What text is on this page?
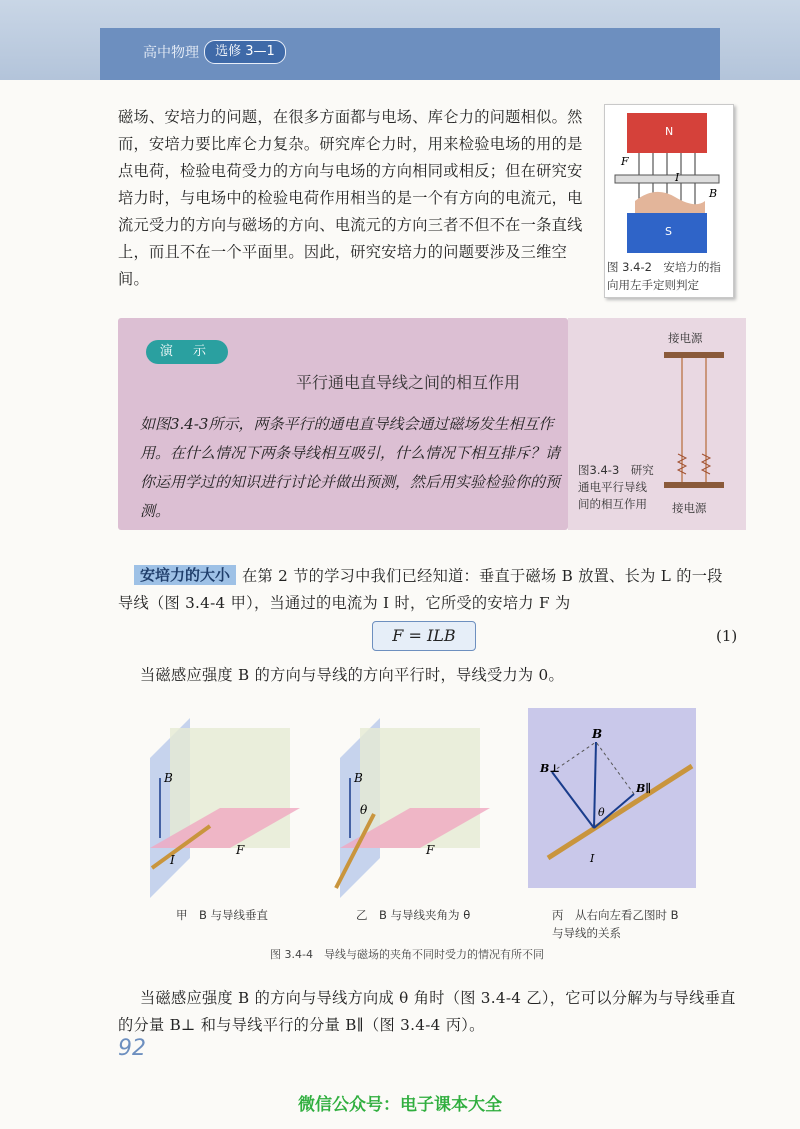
高中物理	选修 3—1
磁场、安培力的问题，在很多方面都与电场、库仑力的问题相似。然而，安培力要比库仑力复杂。研究库仑力时，用来检验电场的用的是点电荷，检验电荷受力的方向与电场的方向相同或相反；但在研究安培力时，与电场中的检验电荷作用相当的是一个有方向的电流元，电流元受力的方向与磁场的方向、电流元的方向三者不但不在一条直线上，而且不在一个平面里。因此，研究安培力的问题要涉及三维空间。
N
S
F
I
B
图 3.4-2　安培力的指向用左手定则判定
演 示
平行通电直导线之间的相互作用
如图3.4-3所示，两条平行的通电直导线会通过磁场发生相互作用。在什么情况下两条导线相互吸引，什么情况下相互排斥？请你运用学过的知识进行讨论并做出预测，然后用实验检验你的预测。
接电源
接电源
图3.4-3　研究通电平行导线间的相互作用
在第 2 节的学习中我们已经知道：垂直于磁场 B 放置、长为 L 的一段导线（图 3.4-4 甲），当通过的电流为 I 时，它所受的安培力 F 为
安培力的大小
F = ILB	(1)
当磁感应强度 B 的方向与导线的方向平行时，导线受力为 0。
B
I
F
甲　B 与导线垂直
B
θ
F
乙　B 与导线夹角为 θ
B
B⊥
B∥
θ
I
丙　从右向左看乙图时 B 与导线的关系
图 3.4-4　导线与磁场的夹角不同时受力的情况有所不同
当磁感应强度 B 的方向与导线方向成 θ 角时（图 3.4-4 乙），它可以分解为与导线垂直的分量 B⊥ 和与导线平行的分量 B∥（图 3.4-4 丙）。
92
微信公众号：电子课本大全
